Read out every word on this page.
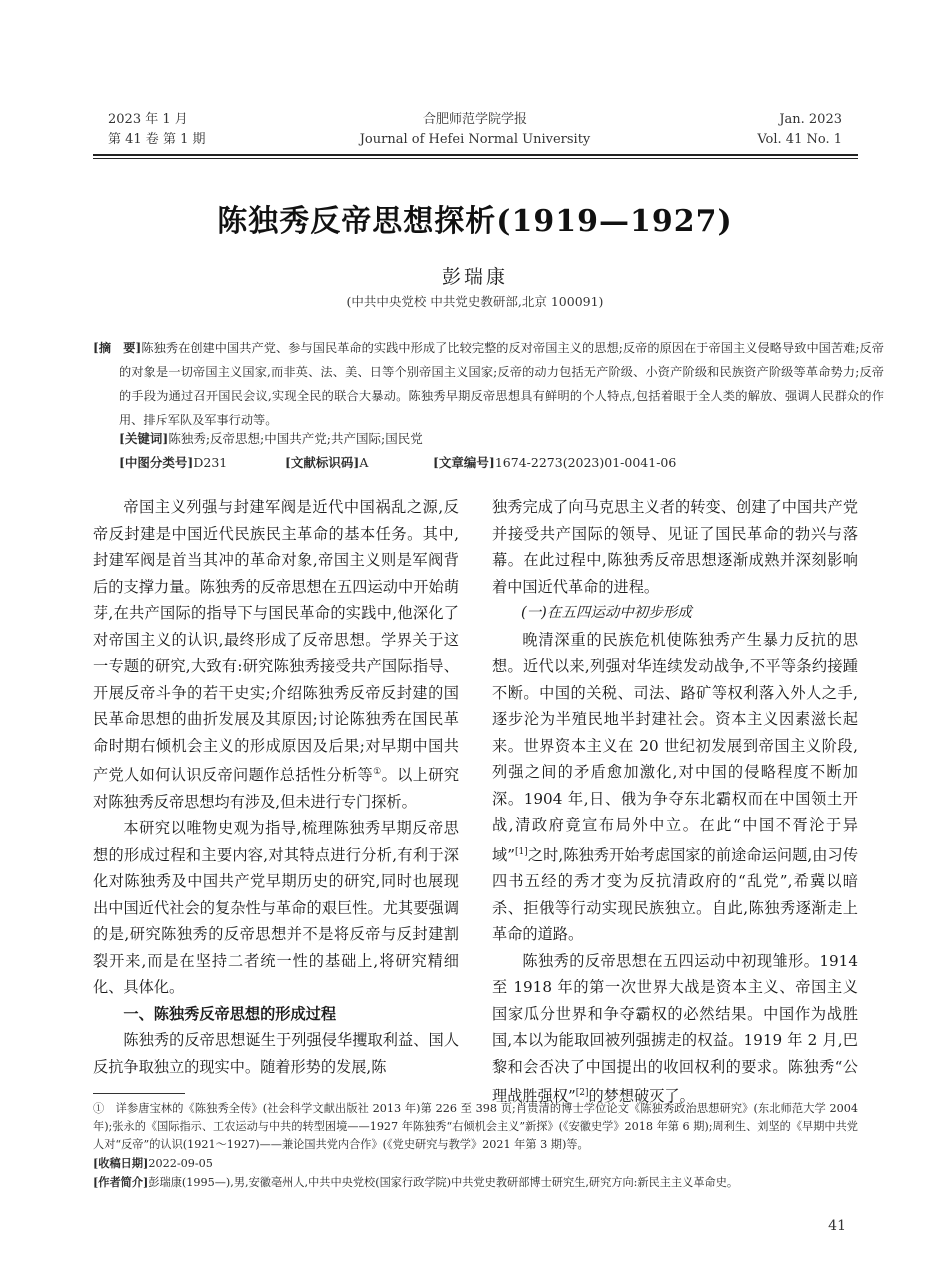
2023 年 1 月
第 41 卷 第 1 期
合肥师范学院学报
Journal of Hefei Normal University
Jan. 2023
Vol. 41 No. 1
陈独秀反帝思想探析(1919—1927)
彭瑞康
(中共中央党校 中共党史教研部,北京 100091)
[摘　要]陈独秀在创建中国共产党、参与国民革命的实践中形成了比较完整的反对帝国主义的思想;反帝的原因在于帝国主义侵略导致中国苦难;反帝的对象是一切帝国主义国家,而非英、法、美、日等个别帝国主义国家;反帝的动力包括无产阶级、小资产阶级和民族资产阶级等革命势力;反帝的手段为通过召开国民会议,实现全民的联合大暴动。陈独秀早期反帝思想具有鲜明的个人特点,包括着眼于全人类的解放、强调人民群众的作用、排斥军队及军事行动等。
[关键词]陈独秀;反帝思想;中国共产党;共产国际;国民党
[中图分类号]D231	[文献标识码]A	[文章编号]1674-2273(2023)01-0041-06

帝国主义列强与封建军阀是近代中国祸乱之源,反帝反封建是中国近代民族民主革命的基本任务。其中,封建军阀是首当其冲的革命对象,帝国主义则是军阀背后的支撑力量。陈独秀的反帝思想在五四运动中开始萌芽,在共产国际的指导下与国民革命的实践中,他深化了对帝国主义的认识,最终形成了反帝思想。学界关于这一专题的研究,大致有:研究陈独秀接受共产国际指导、开展反帝斗争的若干史实;介绍陈独秀反帝反封建的国民革命思想的曲折发展及其原因;讨论陈独秀在国民革命时期右倾机会主义的形成原因及后果;对早期中国共产党人如何认识反帝问题作总括性分析等①。以上研究对陈独秀反帝思想均有涉及,但未进行专门探析。

本研究以唯物史观为指导,梳理陈独秀早期反帝思想的形成过程和主要内容,对其特点进行分析,有利于深化对陈独秀及中国共产党早期历史的研究,同时也展现出中国近代社会的复杂性与革命的艰巨性。尤其要强调的是,研究陈独秀的反帝思想并不是将反帝与反封建割裂开来,而是在坚持二者统一性的基础上,将研究精细化、具体化。

一、陈独秀反帝思想的形成过程

陈独秀的反帝思想诞生于列强侵华攫取利益、国人反抗争取独立的现实中。随着形势的发展,陈

独秀完成了向马克思主义者的转变、创建了中国共产党并接受共产国际的领导、见证了国民革命的勃兴与落幕。在此过程中,陈独秀反帝思想逐渐成熟并深刻影响着中国近代革命的进程。

(一)在五四运动中初步形成

晚清深重的民族危机使陈独秀产生暴力反抗的思想。近代以来,列强对华连续发动战争,不平等条约接踵不断。中国的关税、司法、路矿等权利落入外人之手,逐步沦为半殖民地半封建社会。资本主义因素滋长起来。世界资本主义在 20 世纪初发展到帝国主义阶段,列强之间的矛盾愈加激化,对中国的侵略程度不断加深。1904 年,日、俄为争夺东北霸权而在中国领土开战,清政府竟宣布局外中立。在此“中国不胥沦于异域”[1]之时,陈独秀开始考虑国家的前途命运问题,由习传四书五经的秀才变为反抗清政府的“乱党”,希冀以暗杀、拒俄等行动实现民族独立。自此,陈独秀逐渐走上革命的道路。

陈独秀的反帝思想在五四运动中初现雏形。1914 至 1918 年的第一次世界大战是资本主义、帝国主义国家瓜分世界和争夺霸权的必然结果。中国作为战胜国,本以为能取回被列强掳走的权益。1919 年 2 月,巴黎和会否决了中国提出的收回权利的要求。陈独秀“公理战胜强权”[2]的梦想破灭了。

①　详参唐宝林的《陈独秀全传》(社会科学文献出版社 2013 年)第 226 至 398 页;肖贵清的博士学位论文《陈独秀政治思想研究》(东北师范大学 2004 年);张永的《国际指示、工农运动与中共的转型困境——1927 年陈独秀“右倾机会主义”新探》(《安徽史学》2018 年第 6 期);周利生、刘坚的《早期中共党人对“反帝”的认识(1921～1927)——兼论国共党内合作》(《党史研究与教学》2021 年第 3 期)等。

[收稿日期]2022-09-05

[作者简介]彭瑞康(1995—),男,安徽亳州人,中共中央党校(国家行政学院)中共党史教研部博士研究生,研究方向:新民主主义革命史。

41
